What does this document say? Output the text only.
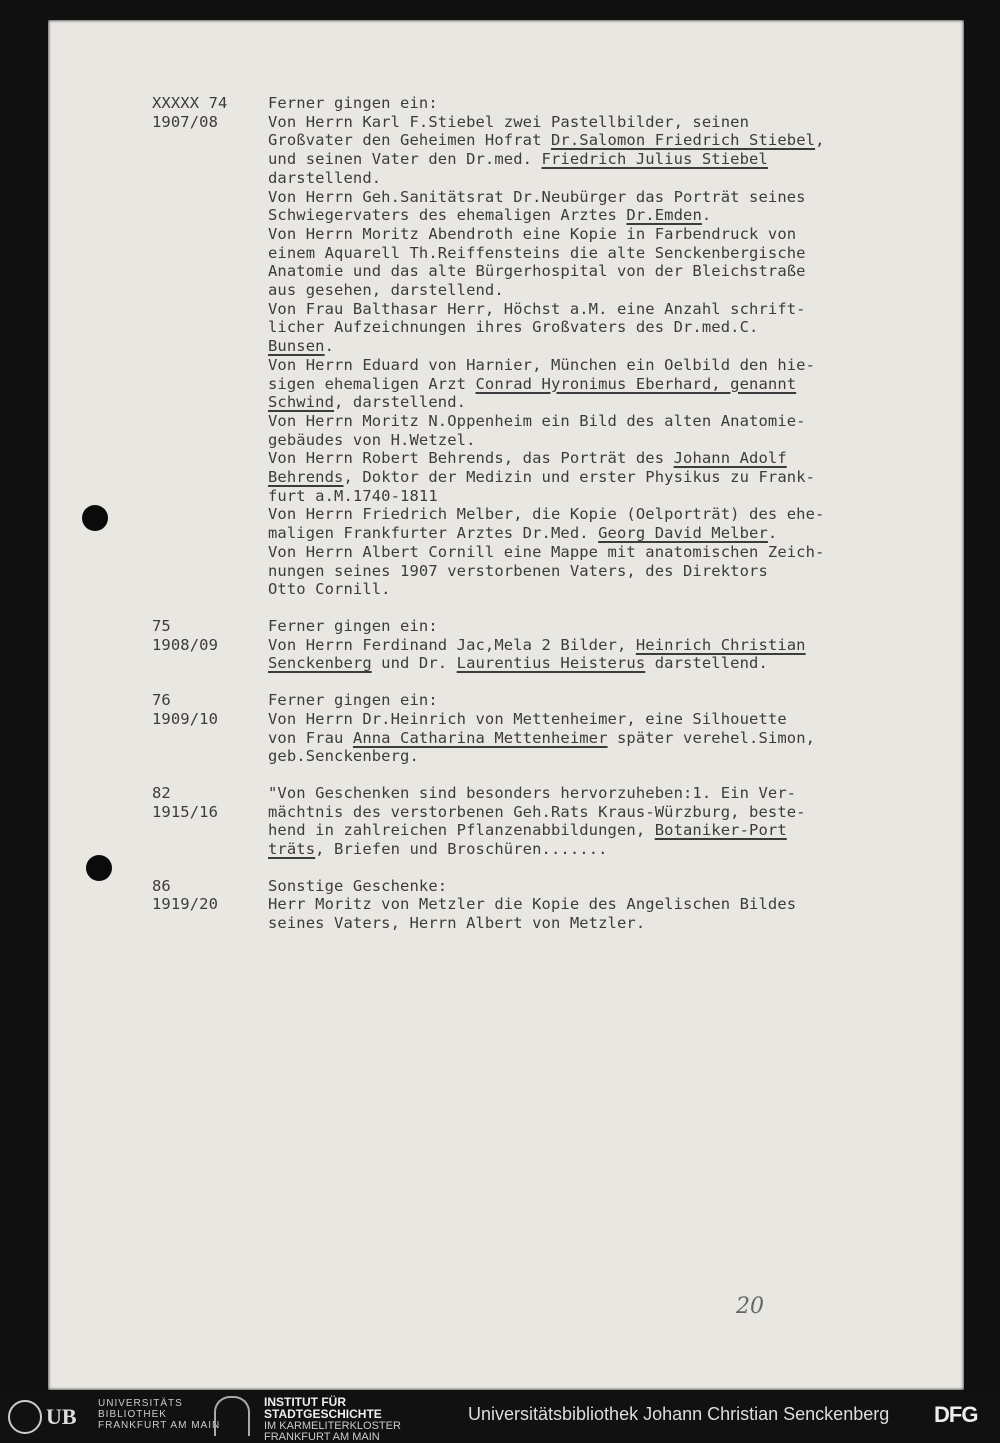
XXXXX 74
1907/08
Ferner gingen ein:
Von Herrn Karl F.Stiebel zwei Pastellbilder, seinen
Großvater den Geheimen Hofrat Dr.Salomon Friedrich Stiebel,
und seinen Vater den Dr.med. Friedrich Julius Stiebel
darstellend.
Von Herrn Geh.Sanitätsrat Dr.Neubürger das Porträt seines
Schwiegervaters des ehemaligen Arztes Dr.Emden.
Von Herrn Moritz Abendroth eine Kopie in Farbendruck von
einem Aquarell Th.Reiffensteins die alte Senckenbergische
Anatomie und das alte Bürgerhospital von der Bleichstraße
aus gesehen, darstellend.
Von Frau Balthasar Herr, Höchst a.M. eine Anzahl schrift-
licher Aufzeichnungen ihres Großvaters des Dr.med.C.
Bunsen.
Von Herrn Eduard von Harnier, München ein Oelbild den hie-
sigen ehemaligen Arzt Conrad Hyronimus Eberhard, genannt
Schwind, darstellend.
Von Herrn Moritz N.Oppenheim ein Bild des alten Anatomie-
gebäudes von H.Wetzel.
Von Herrn Robert Behrends, das Porträt des Johann Adolf
Behrends, Doktor der Medizin und erster Physikus zu Frank-
furt a.M.1740-1811
Von Herrn Friedrich Melber, die Kopie (Oelporträt) des ehe-
maligen Frankfurter Arztes Dr.Med. Georg David Melber.
Von Herrn Albert Cornill eine Mappe mit anatomischen Zeich-
nungen seines 1907 verstorbenen Vaters, des Direktors
Otto Cornill.
75
1908/09
Ferner gingen ein:
Von Herrn Ferdinand Jac,Mela 2 Bilder, Heinrich Christian
Senckenberg und Dr. Laurentius Heisterus darstellend.
76
1909/10
Ferner gingen ein:
Von Herrn Dr.Heinrich von Mettenheimer, eine Silhouette
von Frau Anna Catharina Mettenheimer später verehel.Simon,
geb.Senckenberg.
82
1915/16
"Von Geschenken sind besonders hervorzuheben:1. Ein Ver-
mächtnis des verstorbenen Geh.Rats Kraus-Würzburg, beste-
hend in zahlreichen Pflanzenabbildungen, Botaniker-Port
träts, Briefen und Broschüren.......
86
1919/20
Sonstige Geschenke:
Herr Moritz von Metzler die Kopie des Angelischen Bildes
seines Vaters, Herrn Albert von Metzler.
20
UB
UNIVERSITÄTS
BIBLIOTHEK
FRANKFURT AM MAIN
INSTITUT FÜR
STADTGESCHICHTE
IM KARMELITERKLOSTER
FRANKFURT AM MAIN
Universitätsbibliothek Johann Christian Senckenberg DFG
